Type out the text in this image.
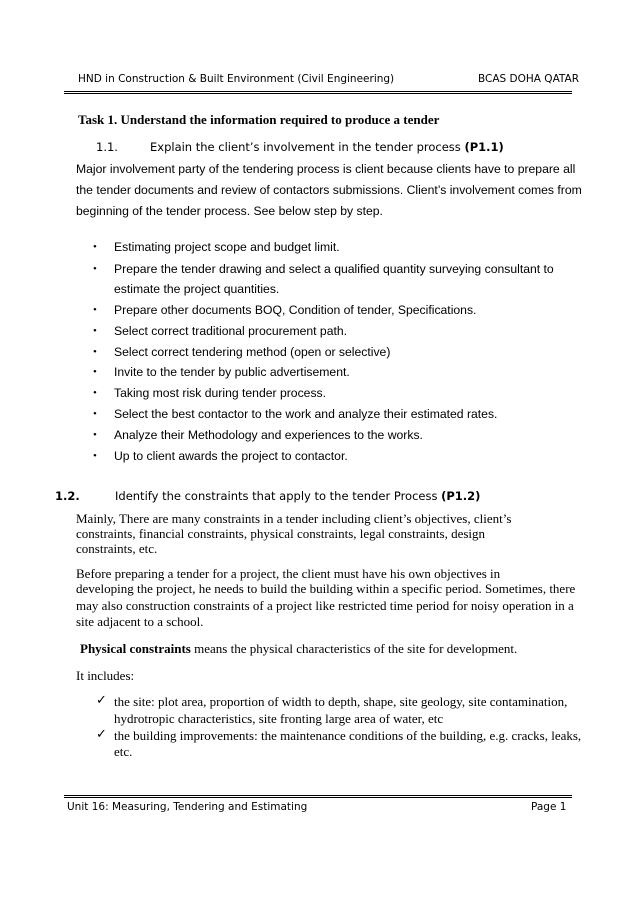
HND in Construction & Built Environment (Civil Engineering)	BCAS DOHA QATAR
Task 1. Understand the information required to produce a tender
1.1.	Explain the client’s involvement in the tender process (P1.1)
Major involvement party of the tendering process is client because clients have to prepare all
the tender documents and review of contactors submissions. Client’s involvement comes from
beginning of the tender process. See below step by step.
• Estimating project scope and budget limit.
• Prepare the tender drawing and select a qualified quantity surveying consultant to
estimate the project quantities.
• Prepare other documents BOQ, Condition of tender, Specifications.
• Select correct traditional procurement path.
• Select correct tendering method (open or selective)
• Invite to the tender by public advertisement.
• Taking most risk during tender process.
• Select the best contactor to the work and analyze their estimated rates.
• Analyze their Methodology and experiences to the works.
• Up to client awards the project to contactor.
1.2.	Identify the constraints that apply to the tender Process (P1.2)
Mainly, There are many constraints in a tender including client’s objectives, client’s
constraints, financial constraints, physical constraints, legal constraints, design
constraints, etc.
Before preparing a tender for a project, the client must have his own objectives in
developing the project, he needs to build the building within a specific period. Sometimes, there
may also construction constraints of a project like restricted time period for noisy operation in a
site adjacent to a school.
Physical constraints means the physical characteristics of the site for development.
It includes:
✓ the site: plot area, proportion of width to depth, shape, site geology, site contamination,
hydrotropic characteristics, site fronting large area of water, etc
✓ the building improvements: the maintenance conditions of the building, e.g. cracks, leaks,
etc.
Unit 16: Measuring, Tendering and Estimating	Page 1
